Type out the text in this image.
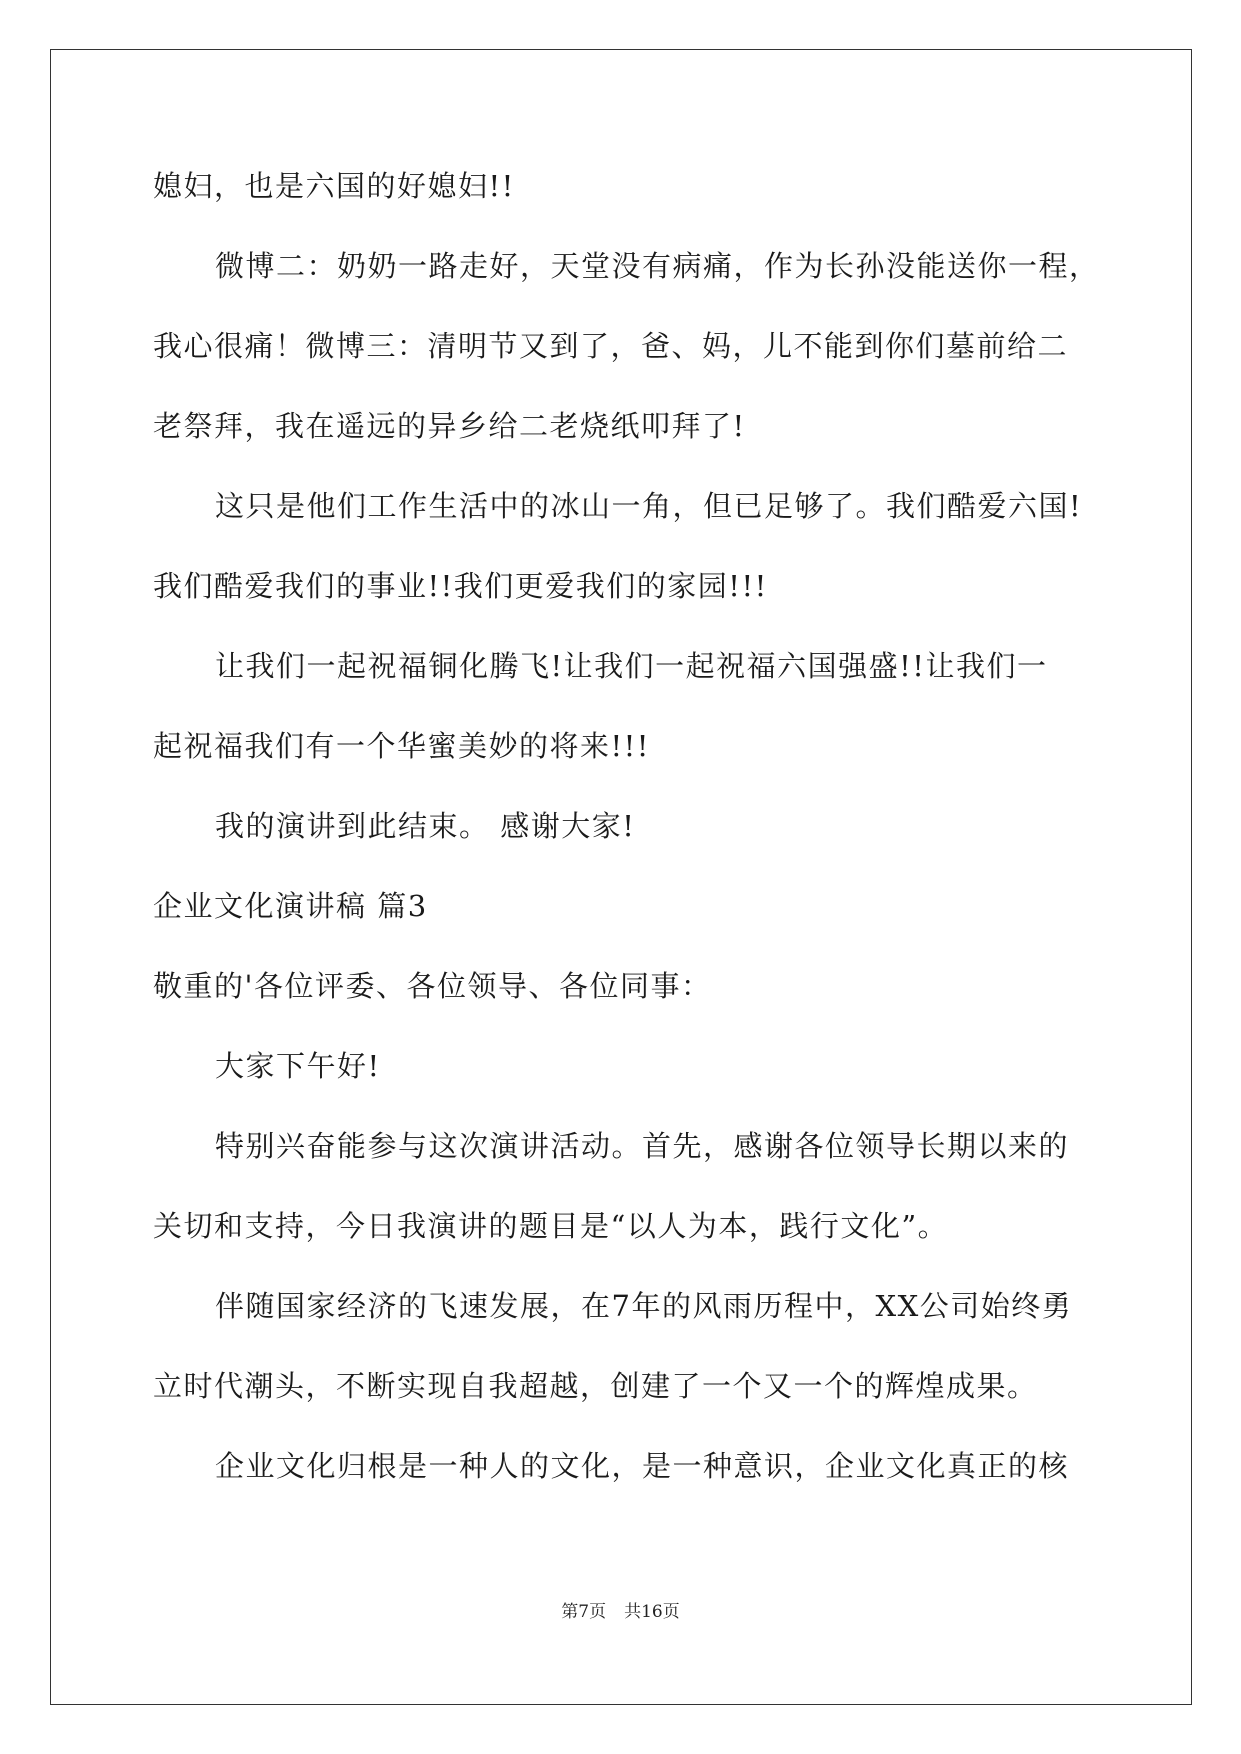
媳妇，也是六国的好媳妇!!
微博二：奶奶一路走好，天堂没有病痛，作为长孙没能送你一程，
我心很痛！微博三：清明节又到了，爸、妈，儿不能到你们墓前给二
老祭拜，我在遥远的异乡给二老烧纸叩拜了!
这只是他们工作生活中的冰山一角，但已足够了。我们酷爱六国!
我们酷爱我们的事业!!我们更爱我们的家园!!!
让我们一起祝福铜化腾飞!让我们一起祝福六国强盛!!让我们一
起祝福我们有一个华蜜美妙的将来!!!
我的演讲到此结束。 感谢大家!
企业文化演讲稿 篇3
敬重的'各位评委、各位领导、各位同事：
大家下午好!
特别兴奋能参与这次演讲活动。首先，感谢各位领导长期以来的
关切和支持，今日我演讲的题目是“以人为本，践行文化”。
伴随国家经济的飞速发展，在7年的风雨历程中，XX公司始终勇
立时代潮头，不断实现自我超越，创建了一个又一个的辉煌成果。
企业文化归根是一种人的文化，是一种意识，企业文化真正的核
第7页 共16页
